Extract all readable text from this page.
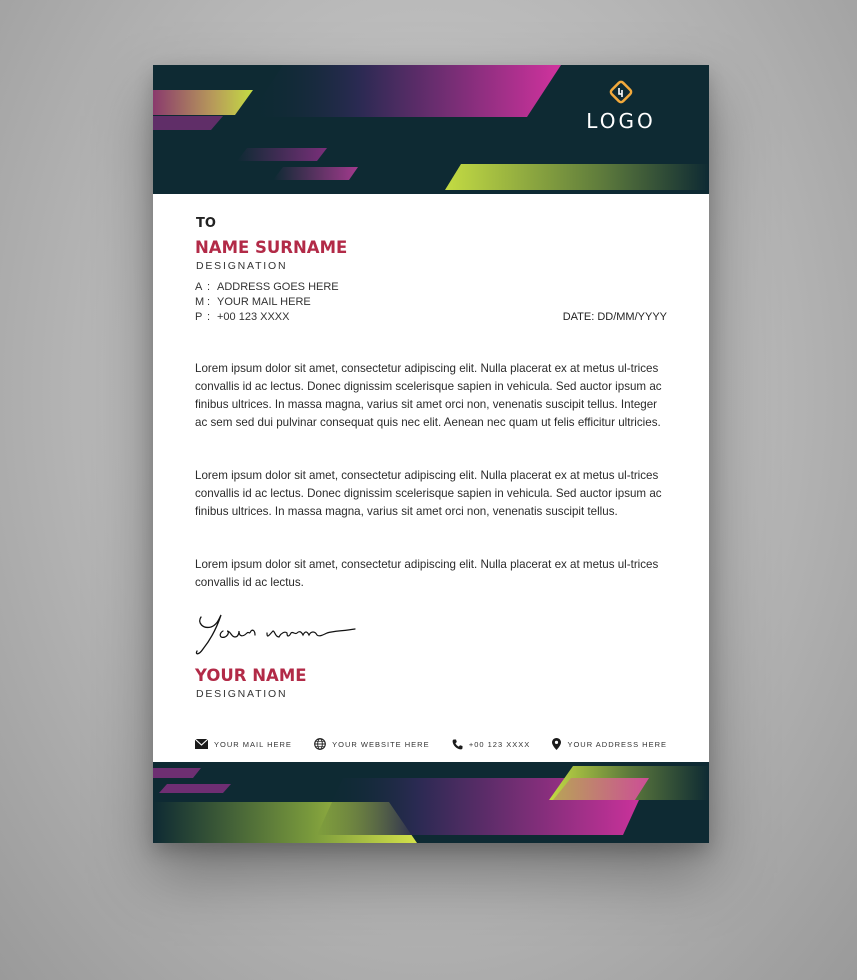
LOGO

TO

NAME SURNAME

DESIGNATION

A : ADDRESS GOES HERE
M : YOUR MAIL HERE
P : +00 123 XXXX	DATE: DD/MM/YYYY

Lorem ipsum dolor sit amet, consectetur adipiscing elit. Nulla placerat ex at metus ul-trices convallis id ac lectus. Donec dignissim scelerisque sapien in vehicula. Sed auctor ipsum ac finibus ultrices. In massa magna, varius sit amet orci non, venenatis suscipit tellus. Integer ac sem sed dui pulvinar consequat quis nec elit. Aenean nec quam ut felis efficitur ultricies.

Lorem ipsum dolor sit amet, consectetur adipiscing elit. Nulla placerat ex at metus ul-trices convallis id ac lectus. Donec dignissim scelerisque sapien in vehicula. Sed auctor ipsum ac finibus ultrices. In massa magna, varius sit amet orci non, venenatis suscipit tellus.

Lorem ipsum dolor sit amet, consectetur adipiscing elit. Nulla placerat ex at metus ul-trices convallis id ac lectus.

YOUR NAME

DESIGNATION

YOUR MAIL HERE	YOUR WEBSITE HERE	+00 123 XXXX	YOUR ADDRESS HERE
